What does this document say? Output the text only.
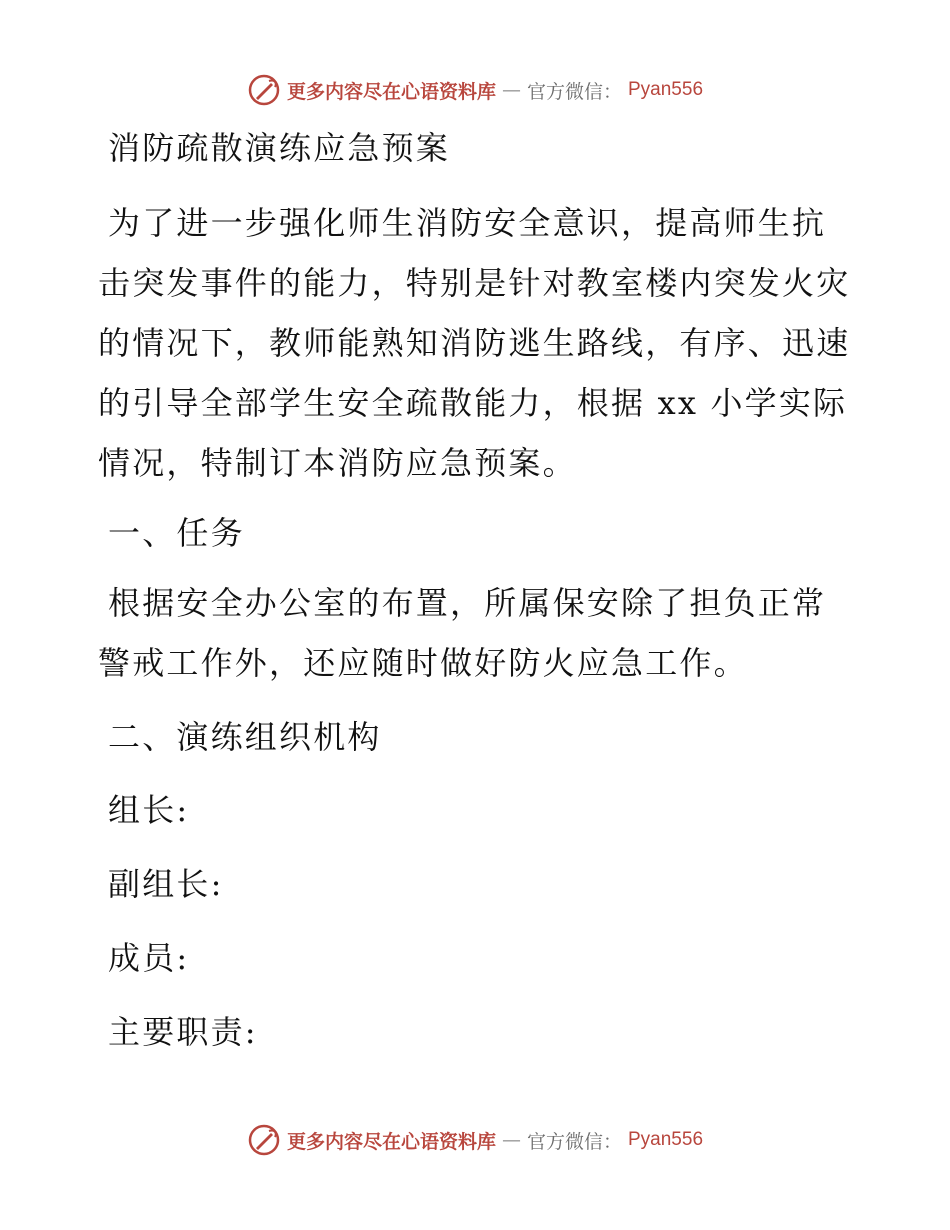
更多内容尽在心语资料库 — 官方微信： Pyan556
消防疏散演练应急预案
为了进一步强化师生消防安全意识，提高师生抗
击突发事件的能力，特别是针对教室楼内突发火灾
的情况下，教师能熟知消防逃生路线，有序、迅速
的引导全部学生安全疏散能力，根据 xx 小学实际
情况，特制订本消防应急预案。
一、任务
根据安全办公室的布置，所属保安除了担负正常
警戒工作外，还应随时做好防火应急工作。
二、演练组织机构
组长:
副组长:
成员:
主要职责:
更多内容尽在心语资料库 — 官方微信： Pyan556
